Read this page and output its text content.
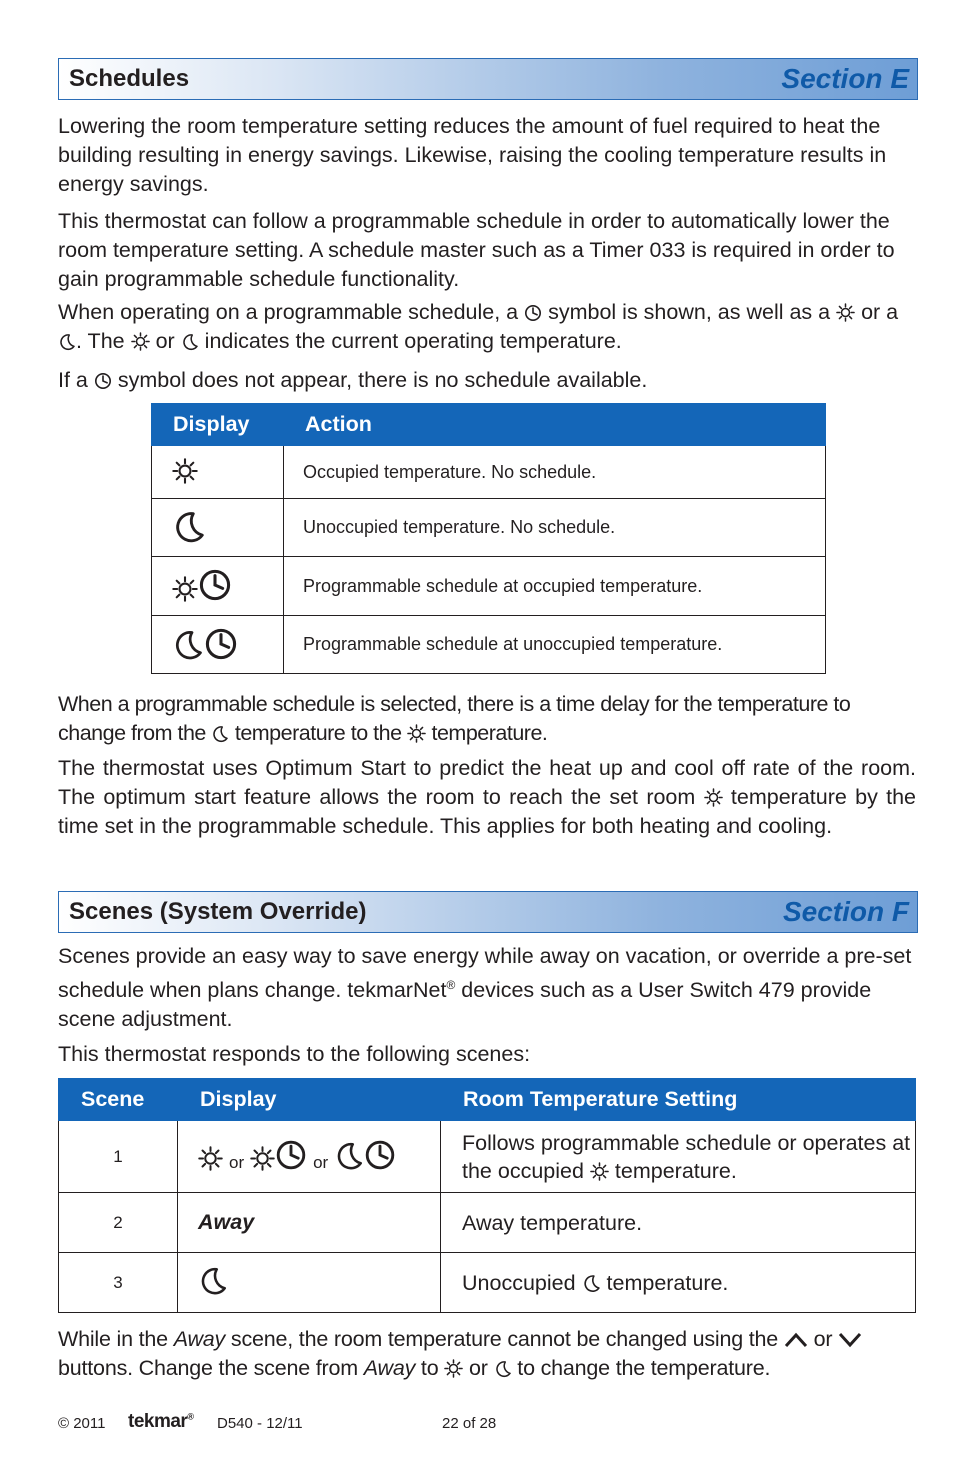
Schedules	Section E

Lowering the room temperature setting reduces the amount of fuel required to heat the building resulting in energy savings. Likewise, raising the cooling temperature results in energy savings.

This thermostat can follow a programmable schedule in order to automatically lower the room temperature setting. A schedule master such as a Timer 033 is required in order to gain programmable schedule functionality.

When operating on a programmable schedule, a symbol is shown, as well as a or a
. The or indicates the current operating temperature.

If a symbol does not appear, there is no schedule available.

Display	Action

	Occupied temperature. No schedule.

	Unoccupied temperature. No schedule.

	Programmable schedule at occupied temperature.

	Programmable schedule at unoccupied temperature.

When a programmable schedule is selected, there is a time delay for the temperature to change from the temperature to the temperature.

The thermostat uses Optimum Start to predict the heat up and cool off rate of the room. The optimum start feature allows the room to reach the set room temperature by the time set in the programmable schedule. This applies for both heating and cooling.

Scenes (System Override)	Section F

Scenes provide an easy way to save energy while away on vacation, or override a pre-set schedule when plans change. tekmarNet® devices such as a User Switch 479 provide scene adjustment.

This thermostat responds to the following scenes:

Scene	Display	Room Temperature Setting
1	or or	Follows programmable schedule or operates at the occupied temperature.
2	Away	Away temperature.
3		Unoccupied temperature.

While in the Away scene, the room temperature cannot be changed using the or
buttons. Change the scene from Away to or to change the temperature.

© 2011 tekmar® D540 - 12/11	22 of 28
